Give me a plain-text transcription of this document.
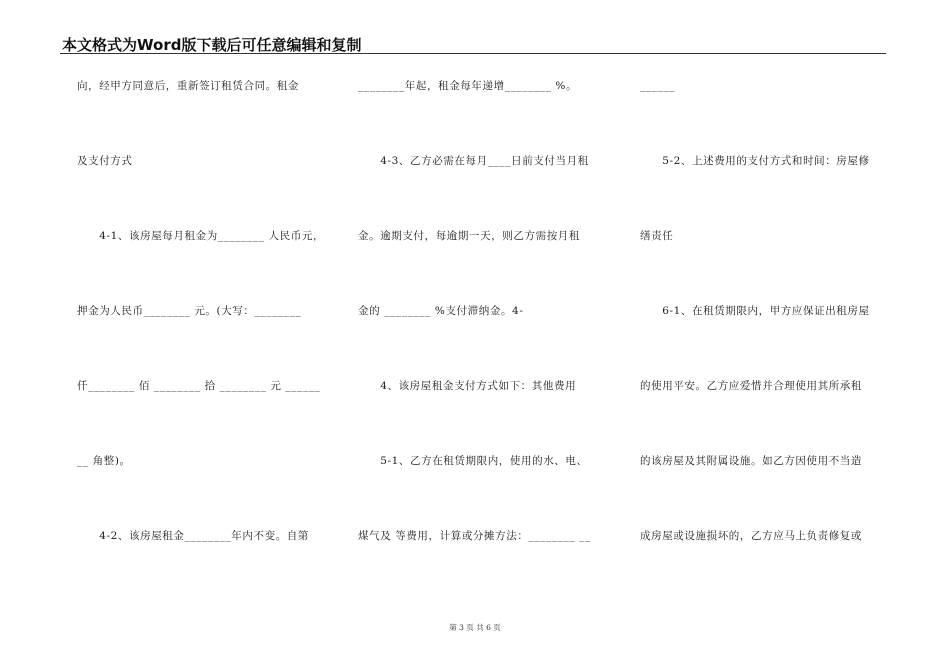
本文格式为Word版下载后可任意编辑和复制
向，经甲方同意后，重新签订租赁合同。租金
及支付方式
　　4-1、该房屋每月租金为________ 人民币元，
押金为人民币________ 元。(大写：________
仟________ 佰 ________ 拾 ________ 元 ______
__ 角整)。
　　4-2、该房屋租金________年内不变。自第
________年起，租金每年递增________ %。
　　4-3、乙方必需在每月____日前支付当月租
金。逾期支付，每逾期一天，则乙方需按月租
金的 ________ %支付滞纳金。4-
　　4、该房屋租金支付方式如下：其他费用
　　5-1、乙方在租赁期限内，使用的水、电、
煤气及 等费用，计算或分摊方法：________ __
______
　　5-2、上述费用的支付方式和时间：房屋修
缮责任
　　6-1、在租赁期限内，甲方应保证出租房屋
的使用平安。乙方应爱惜并合理使用其所承租
的该房屋及其附属设施。如乙方因使用不当造
成房屋或设施损坏的，乙方应马上负责修复或
第 3 页 共 6 页
